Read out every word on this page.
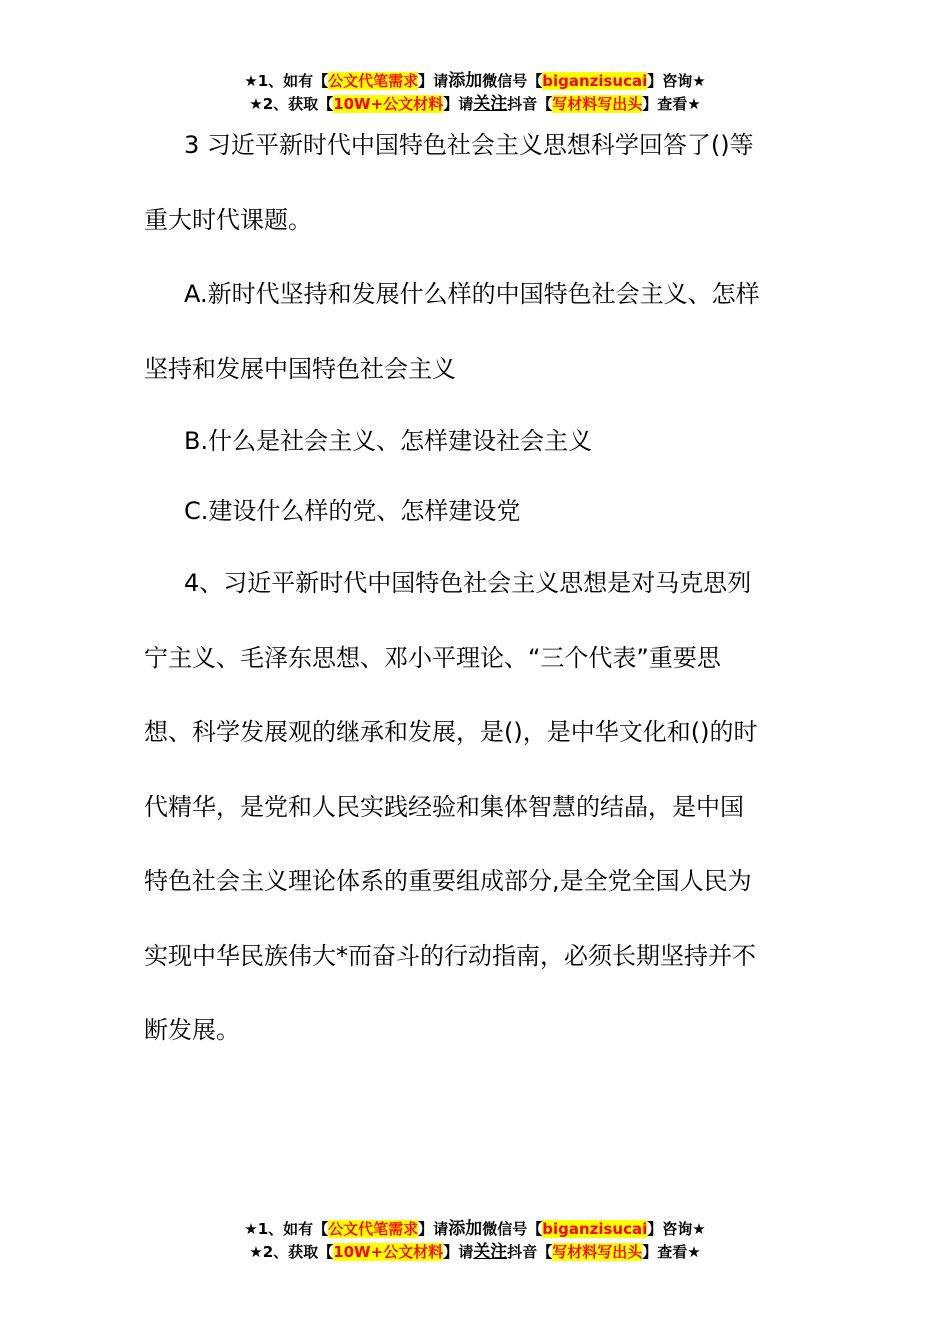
★1、如有【公文代笔需求】请添加微信号【biganzisucai】咨询★
★2、获取【10W+公文材料】请关注抖音【写材料写出头】查看★

3 习近平新时代中国特色社会主义思想科学回答了()等

重大时代课题。

A.新时代坚持和发展什么样的中国特色社会主义、怎样

坚持和发展中国特色社会主义

B.什么是社会主义、怎样建设社会主义

C.建设什么样的党、怎样建设党

4、习近平新时代中国特色社会主义思想是对马克思列

宁主义、毛泽东思想、邓小平理论、“三个代表”重要思

想、科学发展观的继承和发展，是()，是中华文化和()的时

代精华，是党和人民实践经验和集体智慧的结晶，是中国

特色社会主义理论体系的重要组成部分,是全党全国人民为

实现中华民族伟大*而奋斗的行动指南，必须长期坚持并不

断发展。

★1、如有【公文代笔需求】请添加微信号【biganzisucai】咨询★
★2、获取【10W+公文材料】请关注抖音【写材料写出头】查看★
